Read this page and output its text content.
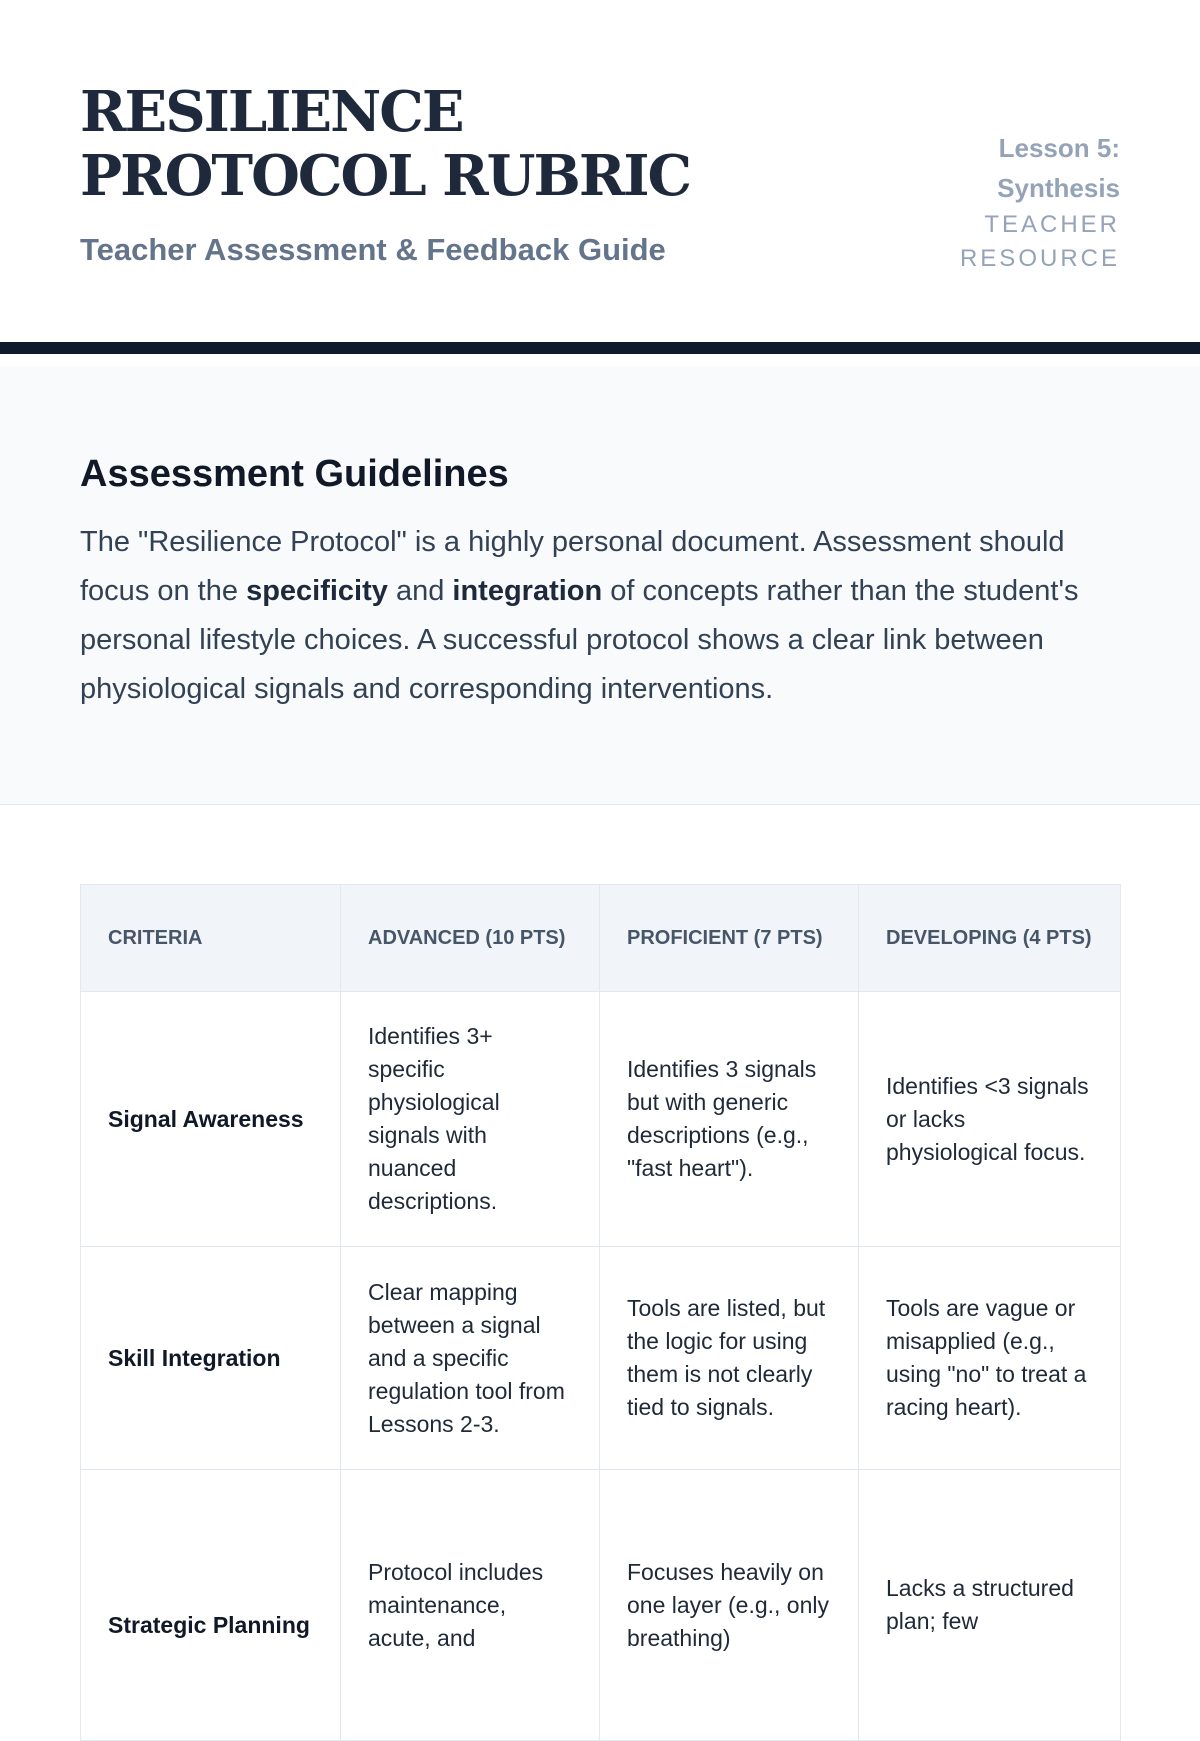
RESILIENCE PROTOCOL RUBRIC
Teacher Assessment & Feedback Guide
Lesson 5: Synthesis
TEACHER RESOURCE
Assessment Guidelines

The "Resilience Protocol" is a highly personal document. Assessment should focus on the specificity and integration of concepts rather than the student's personal lifestyle choices. A successful protocol shows a clear link between physiological signals and corresponding interventions.

CRITERIA	ADVANCED (10 PTS)	PROFICIENT (7 PTS)	DEVELOPING (4 PTS)
Signal Awareness	Identifies 3+ specific physiological signals with nuanced descriptions.	Identifies 3 signals but with generic descriptions (e.g., "fast heart").	Identifies <3 signals or lacks physiological focus.
Skill Integration	Clear mapping between a signal and a specific regulation tool from Lessons 2-3.	Tools are listed, but the logic for using them is not clearly tied to signals.	Tools are vague or misapplied (e.g., using "no" to treat a racing heart).
Strategic Planning	Protocol includes maintenance, acute, and	Focuses heavily on one layer (e.g., only breathing)	Lacks a structured plan; few
